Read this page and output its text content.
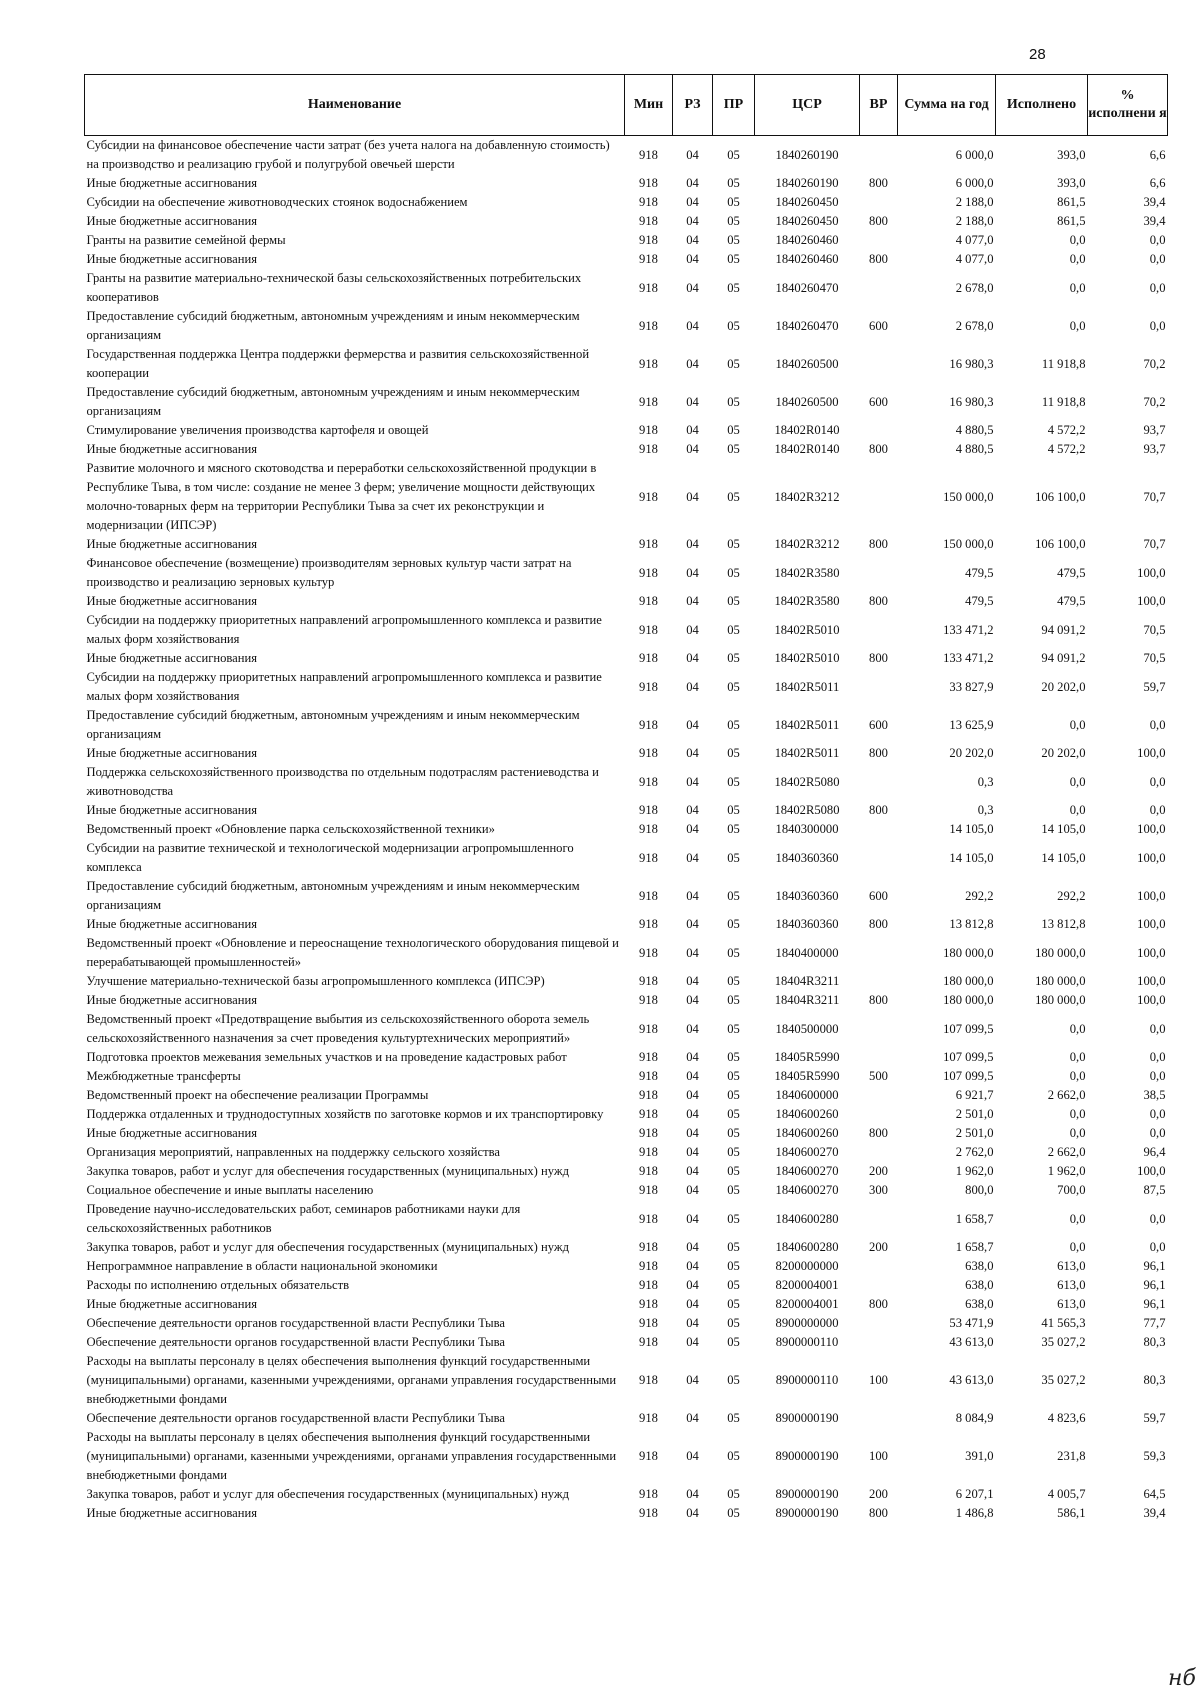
28
Наименование	Мин	РЗ	ПР	ЦСР	ВР	Сумма на год	Исполнено	% исполнени я
Субсидии на финансовое обеспечение части затрат (без учета налога на добавленную стоимость) на производство и реализацию грубой и полугрубой овечьей шерсти	918	04	05	1840260190		6 000,0	393,0	6,6
Иные бюджетные ассигнования	918	04	05	1840260190	800	6 000,0	393,0	6,6
Субсидии на обеспечение животноводческих стоянок водоснабжением	918	04	05	1840260450		2 188,0	861,5	39,4
Иные бюджетные ассигнования	918	04	05	1840260450	800	2 188,0	861,5	39,4
Гранты на развитие семейной фермы	918	04	05	1840260460		4 077,0	0,0	0,0
Иные бюджетные ассигнования	918	04	05	1840260460	800	4 077,0	0,0	0,0
Гранты на развитие материально-технической базы сельскохозяйственных потребительских кооперативов	918	04	05	1840260470		2 678,0	0,0	0,0
Предоставление субсидий бюджетным, автономным учреждениям и иным некоммерческим организациям	918	04	05	1840260470	600	2 678,0	0,0	0,0
Государственная поддержка Центра поддержки фермерства и развития сельскохозяйственной кооперации	918	04	05	1840260500		16 980,3	11 918,8	70,2
Предоставление субсидий бюджетным, автономным учреждениям и иным некоммерческим организациям	918	04	05	1840260500	600	16 980,3	11 918,8	70,2
Стимулирование увеличения производства картофеля и овощей	918	04	05	18402R0140		4 880,5	4 572,2	93,7
Иные бюджетные ассигнования	918	04	05	18402R0140	800	4 880,5	4 572,2	93,7
Развитие молочного и мясного скотоводства и переработки сельскохозяйственной продукции в Республике Тыва, в том числе: создание не менее 3 ферм; увеличение мощности действующих молочно-товарных ферм на территории Республики Тыва за счет их реконструкции и модернизации (ИПСЭР)	918	04	05	18402R3212		150 000,0	106 100,0	70,7
Иные бюджетные ассигнования	918	04	05	18402R3212	800	150 000,0	106 100,0	70,7
Финансовое обеспечение (возмещение) производителям зерновых культур части затрат на производство и реализацию зерновых культур	918	04	05	18402R3580		479,5	479,5	100,0
Иные бюджетные ассигнования	918	04	05	18402R3580	800	479,5	479,5	100,0
Субсидии на поддержку приоритетных направлений агропромышленного комплекса и развитие малых форм хозяйствования	918	04	05	18402R5010		133 471,2	94 091,2	70,5
Иные бюджетные ассигнования	918	04	05	18402R5010	800	133 471,2	94 091,2	70,5
Субсидии на поддержку приоритетных направлений агропромышленного комплекса и развитие малых форм хозяйствования	918	04	05	18402R5011		33 827,9	20 202,0	59,7
Предоставление субсидий бюджетным, автономным учреждениям и иным некоммерческим организациям	918	04	05	18402R5011	600	13 625,9	0,0	0,0
Иные бюджетные ассигнования	918	04	05	18402R5011	800	20 202,0	20 202,0	100,0
Поддержка сельскохозяйственного производства по отдельным подотраслям растениеводства и животноводства	918	04	05	18402R5080		0,3	0,0	0,0
Иные бюджетные ассигнования	918	04	05	18402R5080	800	0,3	0,0	0,0
Ведомственный проект «Обновление парка сельскохозяйственной техники»	918	04	05	1840300000		14 105,0	14 105,0	100,0
Субсидии на развитие технической и технологической модернизации агропромышленного комплекса	918	04	05	1840360360		14 105,0	14 105,0	100,0
Предоставление субсидий бюджетным, автономным учреждениям и иным некоммерческим организациям	918	04	05	1840360360	600	292,2	292,2	100,0
Иные бюджетные ассигнования	918	04	05	1840360360	800	13 812,8	13 812,8	100,0
Ведомственный проект «Обновление и переоснащение технологического оборудования пищевой и перерабатывающей промышленностей»	918	04	05	1840400000		180 000,0	180 000,0	100,0
Улучшение материально-технической базы агропромышленного комплекса (ИПСЭР)	918	04	05	18404R3211		180 000,0	180 000,0	100,0
Иные бюджетные ассигнования	918	04	05	18404R3211	800	180 000,0	180 000,0	100,0
Ведомственный проект «Предотвращение выбытия из сельскохозяйственного оборота земель сельскохозяйственного назначения за счет проведения культуртехнических мероприятий»	918	04	05	1840500000		107 099,5	0,0	0,0
Подготовка проектов межевания земельных участков и на проведение кадастровых работ	918	04	05	18405R5990		107 099,5	0,0	0,0
Межбюджетные трансферты	918	04	05	18405R5990	500	107 099,5	0,0	0,0
Ведомственный проект на обеспечение реализации Программы	918	04	05	1840600000		6 921,7	2 662,0	38,5
Поддержка отдаленных и труднодоступных хозяйств по заготовке кормов и их транспортировку	918	04	05	1840600260		2 501,0	0,0	0,0
Иные бюджетные ассигнования	918	04	05	1840600260	800	2 501,0	0,0	0,0
Организация мероприятий, направленных на поддержку сельского хозяйства	918	04	05	1840600270		2 762,0	2 662,0	96,4
Закупка товаров, работ и услуг для обеспечения государственных (муниципальных) нужд	918	04	05	1840600270	200	1 962,0	1 962,0	100,0
Социальное обеспечение и иные выплаты населению	918	04	05	1840600270	300	800,0	700,0	87,5
Проведение научно-исследовательских работ, семинаров работниками науки для сельскохозяйственных работников	918	04	05	1840600280		1 658,7	0,0	0,0
Закупка товаров, работ и услуг для обеспечения государственных (муниципальных) нужд	918	04	05	1840600280	200	1 658,7	0,0	0,0
Непрограммное направление в области национальной экономики	918	04	05	8200000000		638,0	613,0	96,1
Расходы по исполнению отдельных обязательств	918	04	05	8200004001		638,0	613,0	96,1
Иные бюджетные ассигнования	918	04	05	8200004001	800	638,0	613,0	96,1
Обеспечение деятельности органов государственной власти Республики Тыва	918	04	05	8900000000		53 471,9	41 565,3	77,7
Обеспечение деятельности органов государственной власти Республики Тыва	918	04	05	8900000110		43 613,0	35 027,2	80,3
Расходы на выплаты персоналу в целях обеспечения выполнения функций государственными (муниципальными) органами, казенными учреждениями, органами управления государственными внебюджетными фондами	918	04	05	8900000110	100	43 613,0	35 027,2	80,3
Обеспечение деятельности органов государственной власти Республики Тыва	918	04	05	8900000190		8 084,9	4 823,6	59,7
Расходы на выплаты персоналу в целях обеспечения выполнения функций государственными (муниципальными) органами, казенными учреждениями, органами управления государственными внебюджетными фондами	918	04	05	8900000190	100	391,0	231,8	59,3
Закупка товаров, работ и услуг для обеспечения государственных (муниципальных) нужд	918	04	05	8900000190	200	6 207,1	4 005,7	64,5
Иные бюджетные ассигнования	918	04	05	8900000190	800	1 486,8	586,1	39,4
нб
